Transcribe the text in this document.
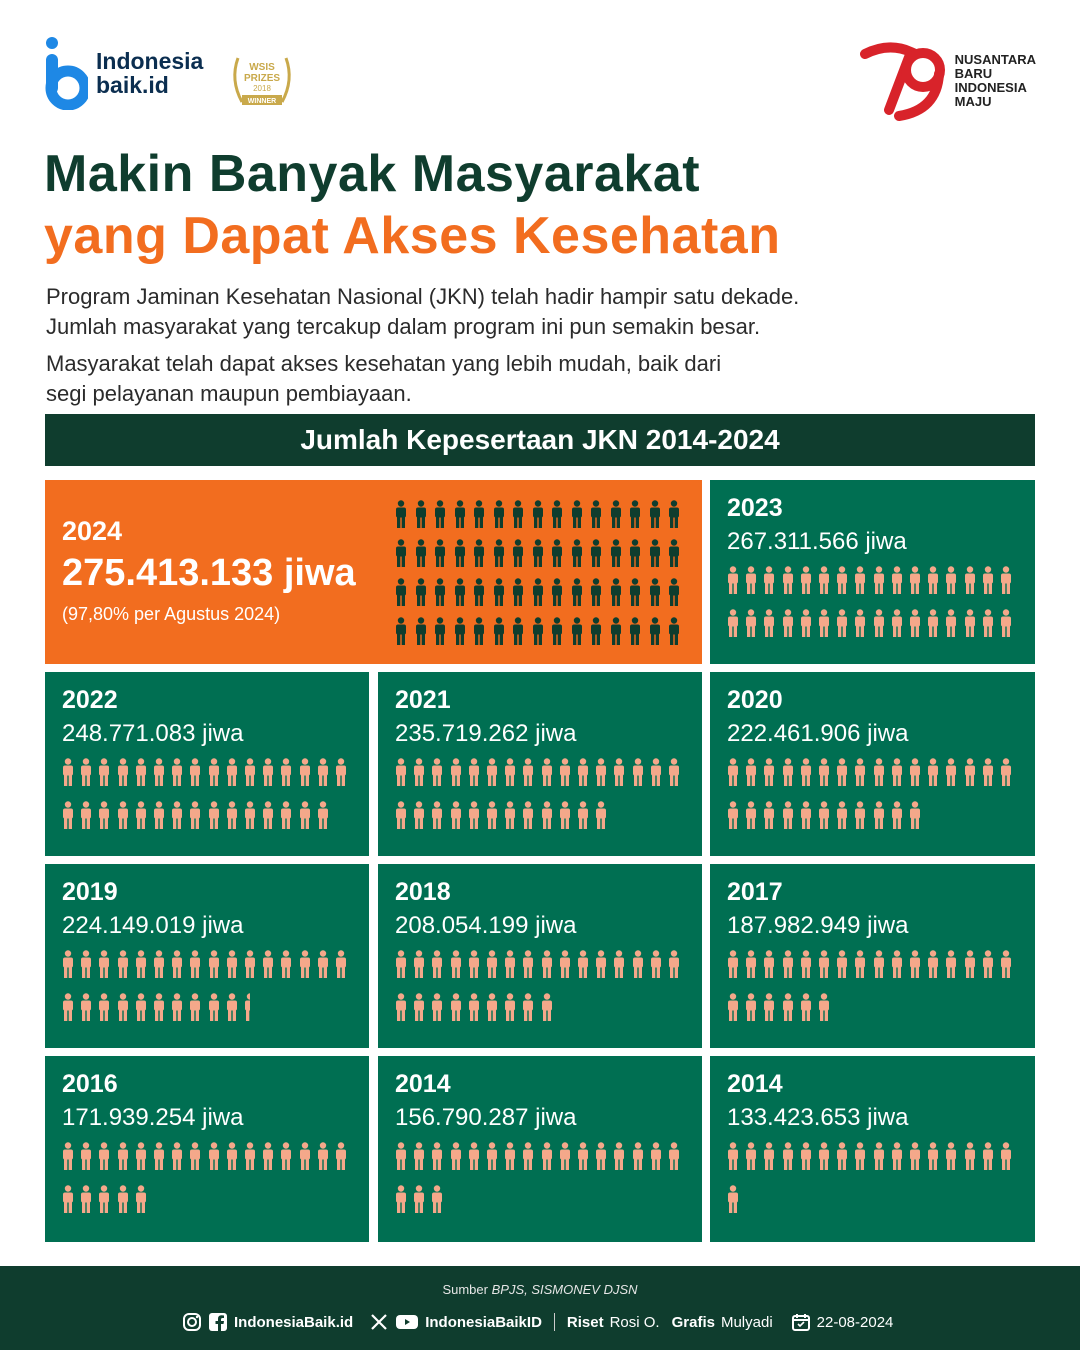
Indonesia
baik.id
WSIS
PRIZES
2018
WINNER
NUSANTARA
BARU
INDONESIA
MAJU
Makin Banyak Masyarakat
yang Dapat Akses Kesehatan
Program Jaminan Kesehatan Nasional (JKN) telah hadir hampir satu dekade.
Jumlah masyarakat yang tercakup dalam program ini pun semakin besar.
Masyarakat telah dapat akses kesehatan yang lebih mudah, baik dari
segi pelayanan maupun pembiayaan.
Jumlah Kepesertaan JKN 2014-2024
2024
275.413.133 jiwa
(97,80% per Agustus 2024)
2023
267.311.566 jiwa
2022
248.771.083 jiwa
2021
235.719.262 jiwa
2020
222.461.906 jiwa
2019
224.149.019 jiwa
2018
208.054.199 jiwa
2017
187.982.949 jiwa
2016
171.939.254 jiwa
2014
156.790.287 jiwa
2014
133.423.653 jiwa
Sumber BPJS, SISMONEV DJSN
IndonesiaBaik.id	IndonesiaBaikID Riset Rosi O. Grafis Mulyadi	22-08-2024
